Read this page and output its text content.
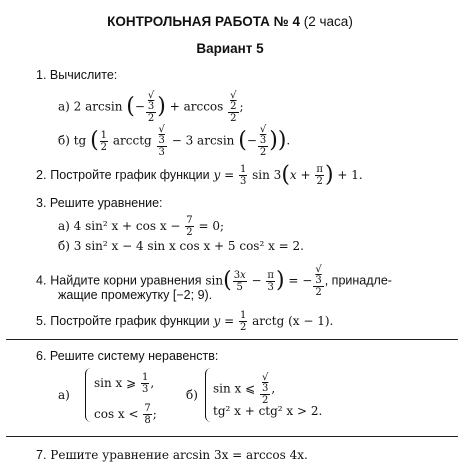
КОНТРОЛЬНАЯ РАБОТА № 4 (2 часа)
Вариант 5
1. Вычислите:
а) 2 arcsin (−
√ $\frac{3}{2}$ ) + arccos
√ $\frac{2}{2}$ ;
б) tg ( $\frac{1}{2}$ arcctg
√ $\frac{3}{3} - 3$ arcsin (−
√ $\frac{3}{2}$ )).
2. Постройте график функции $y = \frac{1}{3}$ $\sin 3(x + \frac{\pi}{2}$ ) + 1.
3. Решите уравнение:
а) 4 sin² $x + \cos x - \frac{7}{2} = 0$;
б) 3 sin² x − 4 sin x cos x + 5 cos² x = 2.
4. Найдите корни уравнения $\sin( \frac{3x}{5} - \frac{\pi}{3}$ ) = −
√ $\frac{3}{2}$ , принадле-
жащие промежутку [−2; 9).
5. Постройте график функции $y = \frac{1}{2}$ arctg (x − 1).
6. Решите систему неравенств:
а)
sin x ⩾ $\frac{1}{3}$ ,
$\cos x < \frac{7}{8}$ ;
б) sin x ⩽
√ $\frac{3}{2}$ ,
tg² x + ctg² x > 2.
7. Решите уравнение arcsin 3x = arccos 4x.
